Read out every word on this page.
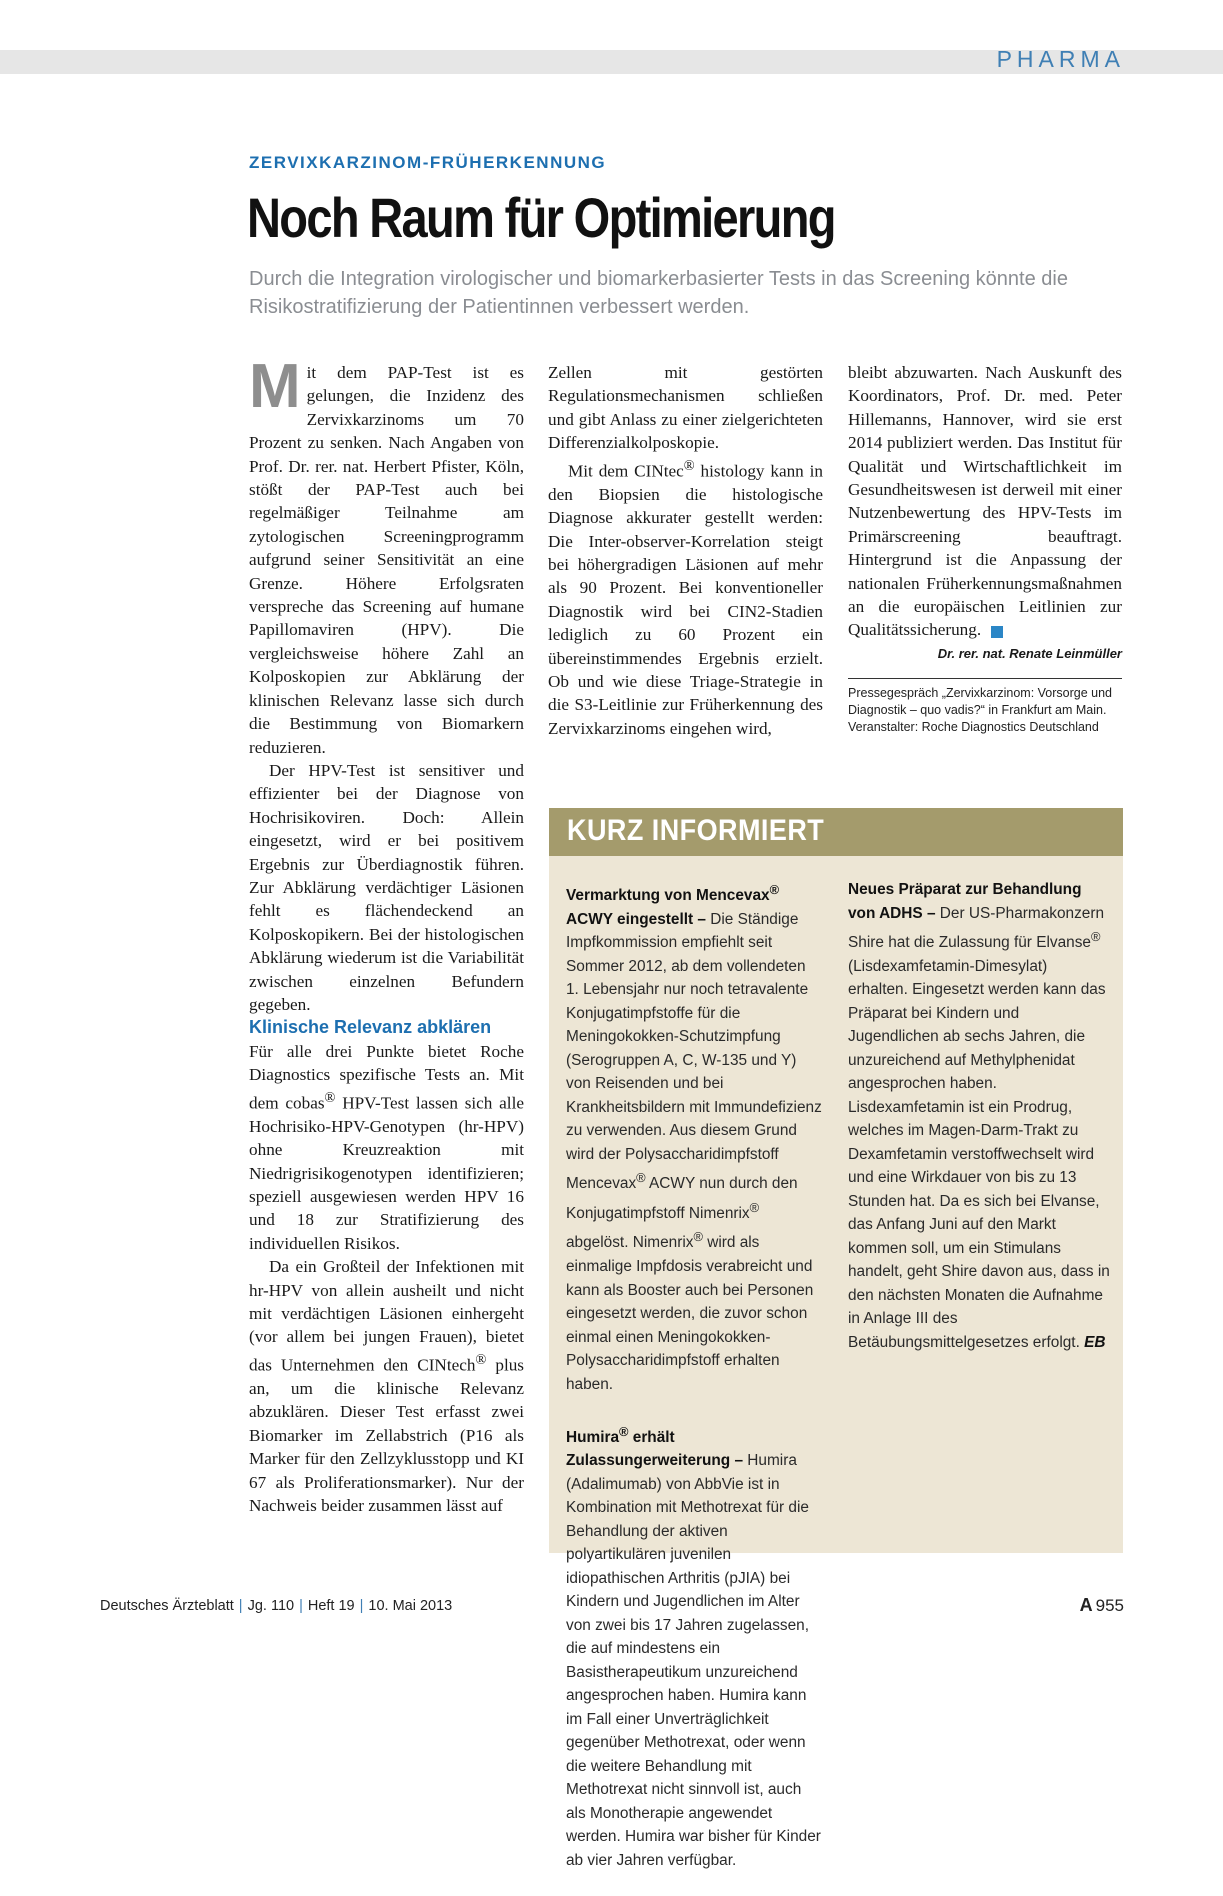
PHARMA
ZERVIXKARZINOM-FRÜHERKENNUNG
Noch Raum für Optimierung
Durch die Integration virologischer und biomarkerbasierter Tests in das Screening könnte die Risikostratifizierung der Patientinnen verbessert werden.

Mit dem PAP-Test ist es gelungen, die Inzidenz des Zervixkarzinoms um 70 Prozent zu senken. Nach Angaben von Prof. Dr. rer. nat. Herbert Pfister, Köln, stößt der PAP-Test auch bei regelmäßiger Teilnahme am zytologischen Screeningprogramm aufgrund seiner Sensitivität an eine Grenze. Höhere Erfolgsraten verspreche das Screening auf humane Papillomaviren (HPV). Die vergleichsweise höhere Zahl an Kolposkopien zur Abklärung der klinischen Relevanz lasse sich durch die Bestimmung von Biomarkern reduzieren.

Der HPV-Test ist sensitiver und effizienter bei der Diagnose von Hochrisikoviren. Doch: Allein eingesetzt, wird er bei positivem Ergebnis zur Überdiagnostik führen. Zur Abklärung verdächtiger Läsionen fehlt es flächendeckend an Kolposkopikern. Bei der histologischen Abklärung wiederum ist die Variabilität zwischen einzelnen Befundern gegeben.

Klinische Relevanz abklären

Für alle drei Punkte bietet Roche Diagnostics spezifische Tests an. Mit dem cobas® HPV-Test lassen sich alle Hochrisiko-HPV-Genotypen (hr-HPV) ohne Kreuzreaktion mit Niedrigrisikogenotypen identifizieren; speziell ausgewiesen werden HPV 16 und 18 zur Stratifizierung des individuellen Risikos.

Da ein Großteil der Infektionen mit hr-HPV von allein ausheilt und nicht mit verdächtigen Läsionen einhergeht (vor allem bei jungen Frauen), bietet das Unternehmen den CINtech® plus an, um die klinische Relevanz abzuklären. Dieser Test erfasst zwei Biomarker im Zellabstrich (P16 als Marker für den Zellzyklusstopp und KI 67 als Proliferationsmarker). Nur der Nachweis beider zusammen lässt auf

Zellen mit gestörten Regulationsmechanismen schließen und gibt Anlass zu einer zielgerichteten Differenzialkolposkopie.

Mit dem CINtec® histology kann in den Biopsien die histologische Diagnose akkurater gestellt werden: Die Inter-observer-Korrelation steigt bei höhergradigen Läsionen auf mehr als 90 Prozent. Bei konventioneller Diagnostik wird bei CIN2-Stadien lediglich zu 60 Prozent ein übereinstimmendes Ergebnis erzielt. Ob und wie diese Triage-Strategie in die S3-Leitlinie zur Früherkennung des Zervixkarzinoms eingehen wird,

bleibt abzuwarten. Nach Auskunft des Koordinators, Prof. Dr. med. Peter Hillemanns, Hannover, wird sie erst 2014 publiziert werden. Das Institut für Qualität und Wirtschaftlichkeit im Gesundheitswesen ist derweil mit einer Nutzenbewertung des HPV-Tests im Primärscreening beauftragt. Hintergrund ist die Anpassung der nationalen Früherkennungsmaßnahmen an die europäischen Leitlinien zur Qualitätssicherung.

Dr. rer. nat. Renate Leinmüller

Pressegespräch „Zervixkarzinom: Vorsorge und Diagnostik – quo vadis?“ in Frankfurt am Main. Veranstalter: Roche Diagnostics Deutschland
KURZ INFORMIERT

Vermarktung von Mencevax® ACWY eingestellt – Die Ständige Impfkommission empfiehlt seit Sommer 2012, ab dem vollendeten 1. Lebensjahr nur noch tetravalente Konjugatimpfstoffe für die Meningokokken-Schutzimpfung (Serogruppen A, C, W-135 und Y) von Reisenden und bei Krankheitsbildern mit Immundefizienz zu verwenden. Aus diesem Grund wird der Polysaccharidimpfstoff Mencevax® ACWY nun durch den Konjugatimpfstoff Nimenrix® abgelöst. Nimenrix® wird als einmalige Impfdosis verabreicht und kann als Booster auch bei Personen eingesetzt werden, die zuvor schon einmal einen Meningokokken-Polysaccharidimpfstoff erhalten haben.

Humira® erhält Zulassungerweiterung – Humira (Adalimumab) von AbbVie ist in Kombination mit Methotrexat für die Behandlung der aktiven polyartikulären juvenilen idiopathischen Arthritis (pJIA) bei Kindern und Jugendlichen im Alter von zwei bis 17 Jahren zugelassen, die auf mindestens ein Basistherapeutikum unzureichend angesprochen haben. Humira kann im Fall einer Unverträglichkeit gegenüber Methotrexat, oder wenn die weitere Behandlung mit Methotrexat nicht sinnvoll ist, auch als Monotherapie angewendet werden. Humira war bisher für Kinder ab vier Jahren verfügbar.

Neues Präparat zur Behandlung von ADHS – Der US-Pharmakonzern Shire hat die Zulassung für Elvanse® (Lisdexamfetamin-Dimesylat) erhalten. Eingesetzt werden kann das Präparat bei Kindern und Jugendlichen ab sechs Jahren, die unzureichend auf Methylphenidat angesprochen haben. Lisdexamfetamin ist ein Prodrug, welches im Magen-Darm-Trakt zu Dexamfetamin verstoffwechselt wird und eine Wirkdauer von bis zu 13 Stunden hat. Da es sich bei Elvanse, das Anfang Juni auf den Markt kommen soll, um ein Stimulans handelt, geht Shire davon aus, dass in den nächsten Monaten die Aufnahme in Anlage III des Betäubungsmittelgesetzes erfolgt. EB

Deutsches Ärzteblatt | Jg. 110 | Heft 19 | 10. Mai 2013	A 955
